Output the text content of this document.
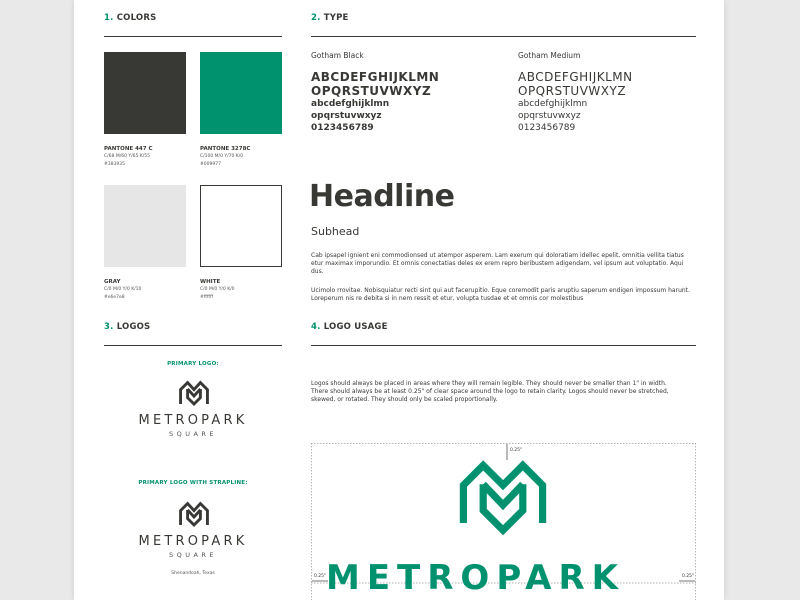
1. COLORS
PANTONE 447 C
C/68 M/60 Y/65 K/55
#383935
PANTONE 3278C
C/100 M/0 Y/70 K/0
#009977
GRAY
C/0 M/0 Y/0 K/10
#e6e7e8
WHITE
C/0 M/0 Y/0 K/0
#ffffff
2. TYPE
Gotham Black
ABCDEFGHIJKLMN
OPQRSTUVWXYZ
abcdefghijklmn
opqrstuvwxyz
0123456789
Gotham Medium
ABCDEFGHIJKLMN
OPQRSTUVWXYZ
abcdefghijklmn
opqrstuvwxyz
0123456789
Headline
Subhead
Cab ipsapel ignient eni commodionsed ut atempor asperem. Lam exerum qui doloratiam idellec epelit, omnitia vellita tiatus etur maximax imporundio. Et omnis conectatias deles ex erem repro beribustem adigendam, vel ipsum aut voluptatio. Aqui dus.
Ucimolo rrovitae. Nobisquiatur recti sint qui aut facerupitio. Eque coremodit paris aruptiu saperum endigen impossum harunt. Loreperum nis re debita si in nem ressit et etur, volupta tusdae et et omnis cor molestibus
3. LOGOS
PRIMARY LOGO:
METROPARK
SQUARE
PRIMARY LOGO WITH STRAPLINE:
METROPARK
SQUARE
Shenandoah, Texas
4. LOGO USAGE
Logos should always be placed in areas where they will remain legible. They should never be smaller than 1" in width. There should always be at least 0.25" of clear space around the logo to retain clarity. Logos should never be stretched, skewed, or rotated. They should only be scaled proportionally.
0.25"
0.25"	0.25"
METROPARK
